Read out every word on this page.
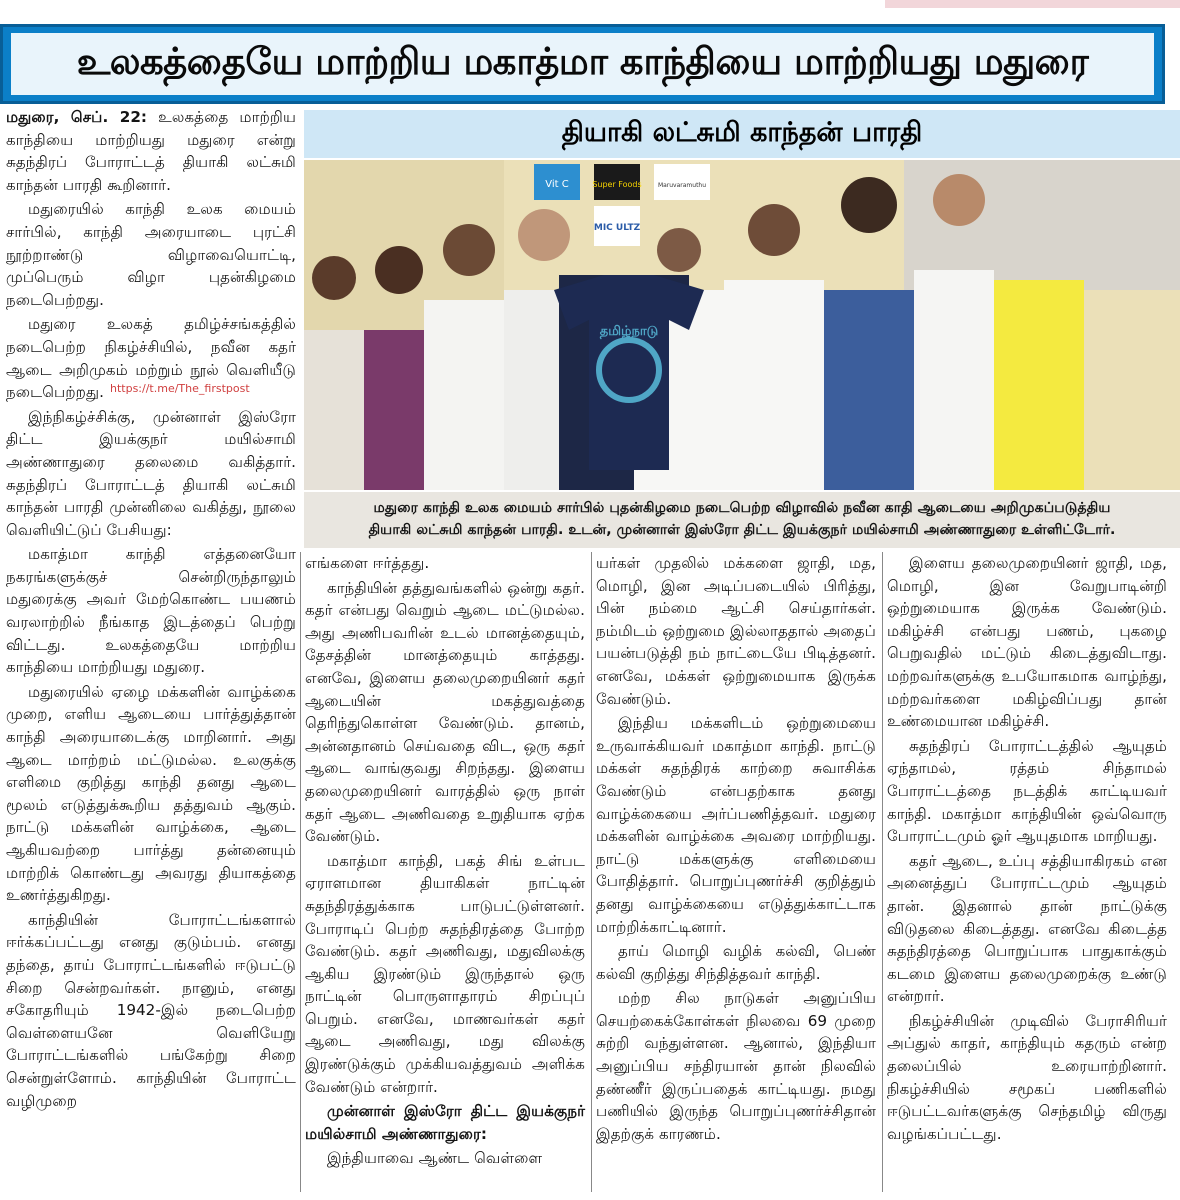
உலகத்தையே மாற்றிய மகாத்மா காந்தியை மாற்றியது மதுரை

மதுரை, செப். 22: உலகத்தை மாற்றிய காந்தியை மாற்றியது மதுரை என்று சுதந்திரப் போராட்டத் தியாகி லட்சுமி காந்தன் பாரதி கூறினார்.

மதுரையில் காந்தி உலக மையம் சார்பில், காந்தி அரையாடை புரட்சி நூற்றாண்டு விழாவையொட்டி, முப்பெரும் விழா புதன்கிழமை நடைபெற்றது.

மதுரை உலகத் தமிழ்ச்சங்கத்தில் நடைபெற்ற நிகழ்ச்சியில், நவீன கதர் ஆடை அறிமுகம் மற்றும் நூல் வெளியீடு நடைபெற்றது.

இந்நிகழ்ச்சிக்கு, முன்னாள் இஸ்ரோ திட்ட இயக்குநர் மயில்சாமி அண்ணாதுரை தலைமை வகித்தார். சுதந்திரப் போராட்டத் தியாகி லட்சுமி காந்தன் பாரதி முன்னிலை வகித்து, நூலை வெளியிட்டுப் பேசியது:

மகாத்மா காந்தி எத்தனையோ நகரங்களுக்குச் சென்றிருந்தாலும் மதுரைக்கு அவர் மேற்கொண்ட பயணம் வரலாற்றில் நீங்காத இடத்தைப் பெற்று விட்டது. உலகத்தையே மாற்றிய காந்தியை மாற்றியது மதுரை.

மதுரையில் ஏழை மக்களின் வாழ்க்கை முறை, எளிய ஆடையை பார்த்துத்தான் காந்தி அரையாடைக்கு மாறினார். அது ஆடை மாற்றம் மட்டுமல்ல. உலகுக்கு எளிமை குறித்து காந்தி தனது ஆடை மூலம் எடுத்துக்கூறிய தத்துவம் ஆகும். நாட்டு மக்களின் வாழ்க்கை, ஆடை ஆகியவற்றை பார்த்து தன்னையும் மாற்றிக் கொண்டது அவரது தியாகத்தை உணர்த்துகிறது.

காந்தியின் போராட்டங்களால் ஈர்க்கப்பட்டது எனது குடும்பம். எனது தந்தை, தாய் போராட்டங்களில் ஈடுபட்டு சிறை சென்றவர்கள். நானும், எனது சகோதரியும் 1942-இல் நடைபெற்ற வெள்ளையனே வெளியேறு போராட்டங்களில் பங்கேற்று சிறை சென்றுள்ளோம். காந்தியின் போராட்ட வழிமுறை

https://t.me/The_firstpost
தியாகி லட்சுமி காந்தன் பாரதி
Vit C	Super Foods	Maruvaramuthu
MIC ULTZ
தமிழ்நாடு
மதுரை காந்தி உலக மையம் சார்பில் புதன்கிழமை நடைபெற்ற விழாவில் நவீன காதி ஆடையை அறிமுகப்படுத்திய
தியாகி லட்சுமி காந்தன் பாரதி. உடன், முன்னாள் இஸ்ரோ திட்ட இயக்குநர் மயில்சாமி அண்ணாதுரை உள்ளிட்டோர்.

எங்களை ஈர்த்தது.

காந்தியின் தத்துவங்களில் ஒன்று கதர். கதர் என்பது வெறும் ஆடை மட்டுமல்ல. அது அணிபவரின் உடல் மானத்தையும், தேசத்தின் மானத்தையும் காத்தது. எனவே, இளைய தலைமுறையினர் கதர் ஆடையின் மகத்துவத்தை தெரிந்துகொள்ள வேண்டும். தானம், அன்னதானம் செய்வதை விட, ஒரு கதர் ஆடை வாங்குவது சிறந்தது. இளைய தலைமுறையினர் வாரத்தில் ஒரு நாள் கதர் ஆடை அணிவதை உறுதியாக ஏற்க வேண்டும்.

மகாத்மா காந்தி, பகத் சிங் உள்பட ஏராளமான தியாகிகள் நாட்டின் சுதந்திரத்துக்காக பாடுபட்டுள்ளனர். போராடிப் பெற்ற சுதந்திரத்தை போற்ற வேண்டும். கதர் அணிவது, மதுவிலக்கு ஆகிய இரண்டும் இருந்தால் ஒரு நாட்டின் பொருளாதாரம் சிறப்புப் பெறும். எனவே, மாணவர்கள் கதர் ஆடை அணிவது, மது விலக்கு இரண்டுக்கும் முக்கியவத்துவம் அளிக்க வேண்டும் என்றார்.

முன்னாள் இஸ்ரோ திட்ட இயக்குநர் மயில்சாமி அண்ணாதுரை:

இந்தியாவை ஆண்ட வெள்ளை

யர்கள் முதலில் மக்களை ஜாதி, மத, மொழி, இன அடிப்படையில் பிரித்து, பின் நம்மை ஆட்சி செய்தார்கள். நம்மிடம் ஒற்றுமை இல்லாததால் அதைப் பயன்படுத்தி நம் நாட்டையே பிடித்தனர். எனவே, மக்கள் ஒற்றுமையாக இருக்க வேண்டும்.

இந்திய மக்களிடம் ஒற்றுமையை உருவாக்கியவர் மகாத்மா காந்தி. நாட்டு மக்கள் சுதந்திரக் காற்றை சுவாசிக்க வேண்டும் என்பதற்காக தனது வாழ்க்கையை அர்ப்பணித்தவர். மதுரை மக்களின் வாழ்க்கை அவரை மாற்றியது. நாட்டு மக்களுக்கு எளிமையை போதித்தார். பொறுப்புணர்ச்சி குறித்தும் தனது வாழ்க்கையை எடுத்துக்காட்டாக மாற்றிக்காட்டினார்.

தாய் மொழி வழிக் கல்வி, பெண் கல்வி குறித்து சிந்தித்தவர் காந்தி.

மற்ற சில நாடுகள் அனுப்பிய செயற்கைக்கோள்கள் நிலவை 69 முறை சுற்றி வந்துள்ளன. ஆனால், இந்தியா அனுப்பிய சந்திரயான் தான் நிலவில் தண்ணீர் இருப்பதைக் காட்டியது. நமது பணியில் இருந்த பொறுப்புணர்ச்சிதான் இதற்குக் காரணம்.

இளைய தலைமுறையினர் ஜாதி, மத, மொழி, இன வேறுபாடின்றி ஒற்றுமையாக இருக்க வேண்டும். மகிழ்ச்சி என்பது பணம், புகழை பெறுவதில் மட்டும் கிடைத்துவிடாது. மற்றவர்களுக்கு உபயோகமாக வாழ்ந்து, மற்றவர்களை மகிழ்விப்பது தான் உண்மையான மகிழ்ச்சி.

சுதந்திரப் போராட்டத்தில் ஆயுதம் ஏந்தாமல், ரத்தம் சிந்தாமல் போராட்டத்தை நடத்திக் காட்டியவர் காந்தி. மகாத்மா காந்தியின் ஒவ்வொரு போராட்டமும் ஓர் ஆயுதமாக மாறியது.

கதர் ஆடை, உப்பு சத்தியாகிரகம் என அனைத்துப் போராட்டமும் ஆயுதம் தான். இதனால் தான் நாட்டுக்கு விடுதலை கிடைத்தது. எனவே கிடைத்த சுதந்திரத்தை பொறுப்பாக பாதுகாக்கும் கடமை இளைய தலைமுறைக்கு உண்டு என்றார்.

நிகழ்ச்சியின் முடிவில் பேராசிரியர் அப்துல் காதர், காந்தியும் கதரும் என்ற தலைப்பில் உரையாற்றினார். நிகழ்ச்சியில் சமூகப் பணிகளில் ஈடுபட்டவர்களுக்கு செந்தமிழ் விருது வழங்கப்பட்டது.
